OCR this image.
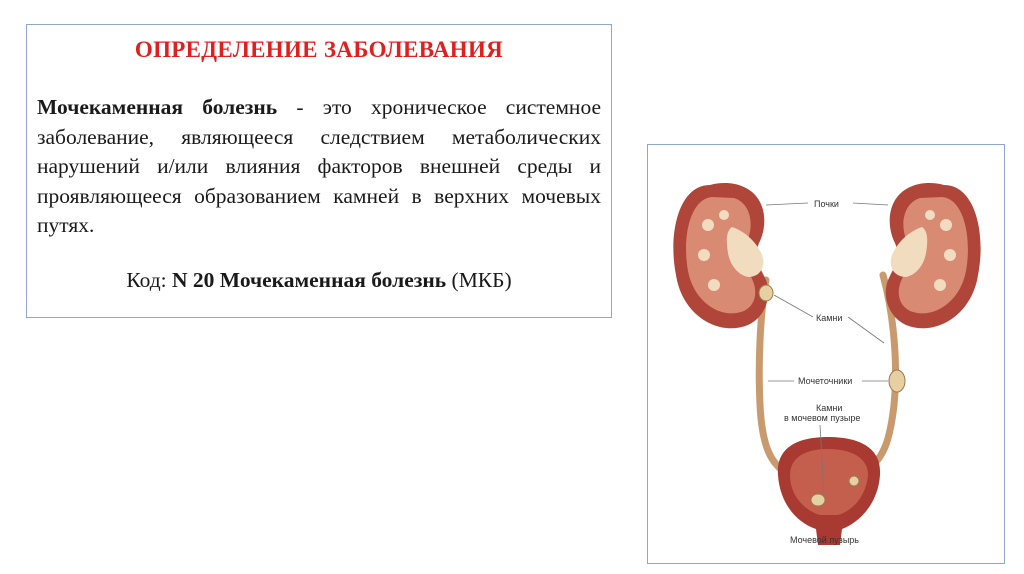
ОПРЕДЕЛЕНИЕ ЗАБОЛЕВАНИЯ

Мочекаменная болезнь - это хроническое системное заболевание, являющееся следствием метаболических нарушений и/или влияния факторов внешней среды и проявляющееся образованием камней в верхних мочевых путях.

Код: N 20 Мочекаменная болезнь (МКБ)
Почки
Камни
Мочеточники
Камни
в мочевом пузыре
Мочевой пузырь
